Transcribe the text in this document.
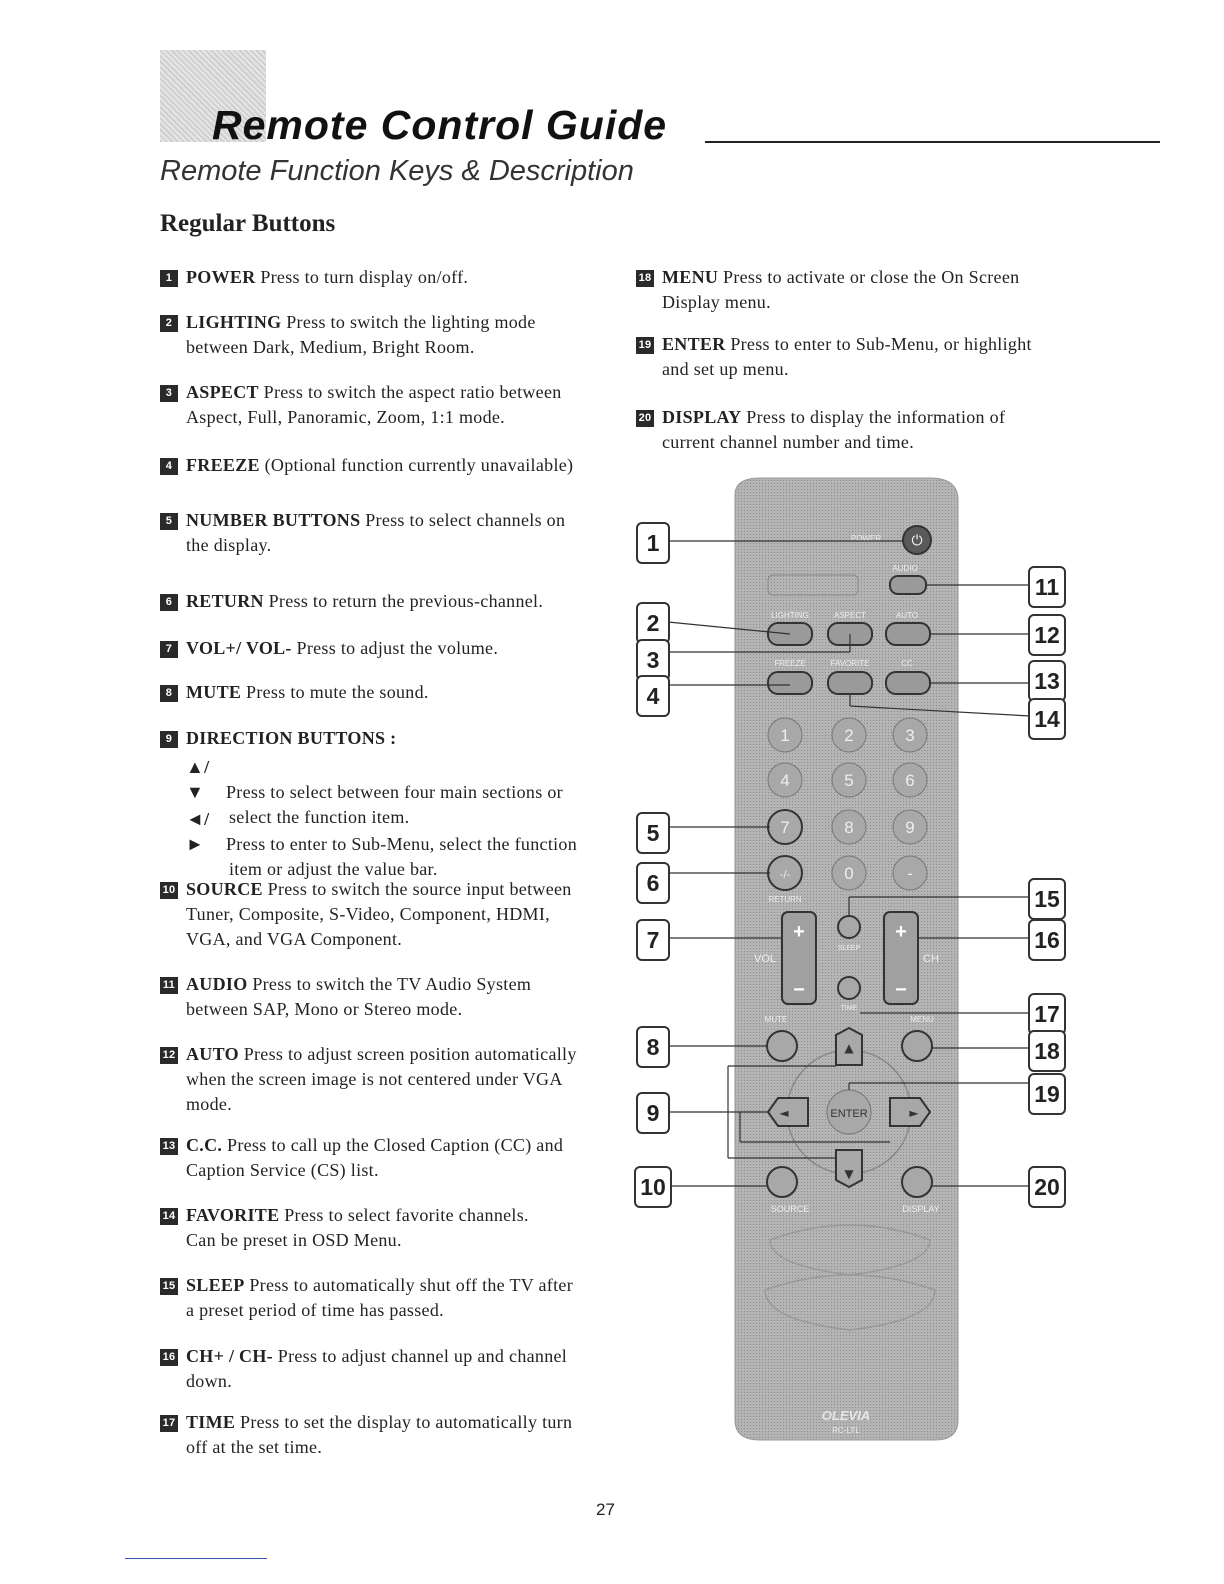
Remote Control Guide
Remote Function Keys & Description
Regular Buttons
1 POWER Press to turn display on/off.
2 LIGHTING Press to switch the lighting mode
between Dark, Medium, Bright Room.
3 ASPECT Press to switch the aspect ratio between
Aspect, Full, Panoramic, Zoom, 1:1 mode.
4 FREEZE (Optional function currently unavailable)
5 NUMBER BUTTONS Press to select channels on
the display.
6 RETURN Press to return the previous-channel.
7 VOL+/ VOL- Press to adjust the volume.
8 MUTE Press to mute the sound.
9 DIRECTION BUTTONS :
▲/▼ Press to select between four main sections or
select the function item.
◄/► Press to enter to Sub-Menu, select the function
item or adjust the value bar.
10 SOURCE Press to switch the source input between
Tuner, Composite, S-Video, Component, HDMI,
VGA, and VGA Component.
11 AUDIO Press to switch the TV Audio System
between SAP, Mono or Stereo mode.
12 AUTO Press to adjust screen position automatically
when the screen image is not centered under VGA
mode.
13 C.C. Press to call up the Closed Caption (CC) and
Caption Service (CS) list.
14 FAVORITE Press to select favorite channels.
Can be preset in OSD Menu.
15 SLEEP Press to automatically shut off the TV after
a preset period of time has passed.
16 CH+ / CH- Press to adjust channel up and channel
down.
17 TIME Press to set the display to automatically turn
off at the set time.
18 MENU Press to activate or close the On Screen
Display menu.
19 ENTER Press to enter to Sub-Menu, or highlight
and set up menu.
20 DISPLAY Press to display the information of
current channel number and time.
⏻
POWER
AUDIO
LIGHTING	ASPECT	AUTO
FREEZE	FAVORITE	CC
1	2	3
4	5	6
7	8	9
-/-	0	-
RETURN
+
−
VOL
+
−
CH
SLEEP
TIME
MUTE	MENU
▲
▼
◄	►
ENTER
SOURCE	DISPLAY
OLEVIA
RC-LTL
1
2
3
4
5
6
7
8
9
10
11
12
13
14
15
16
17
18
19
20
27
